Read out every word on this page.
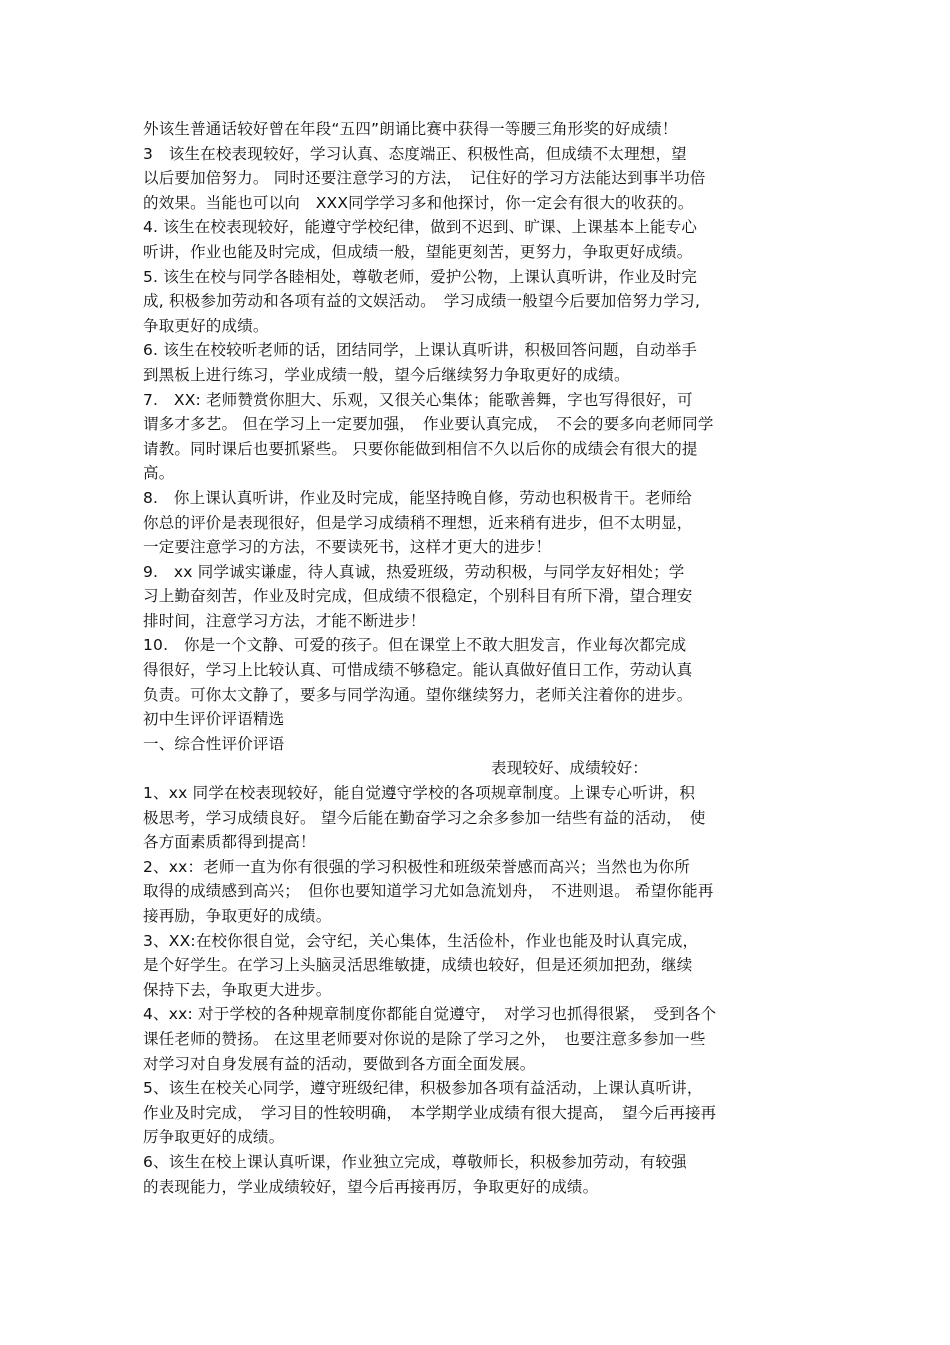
外该生普通话较好曾在年段“五四”朗诵比赛中获得一等腰三角形奖的好成绩！
3　该生在校表现较好，学习认真、态度端正、积极性高，但成绩不太理想，望
以后要加倍努力。 同时还要注意学习的方法，　记住好的学习方法能达到事半功倍
的效果。当能也可以向　XXX同学学习多和他探讨，你一定会有很大的收获的。
4. 该生在校表现较好，能遵守学校纪律，做到不迟到、旷课、上课基本上能专心
听讲，作业也能及时完成，但成绩一般，望能更刻苦，更努力，争取更好成绩。
5. 该生在校与同学各睦相处，尊敬老师，爱护公物，上课认真听讲，作业及时完
成, 积极参加劳动和各项有益的文娱活动。　学习成绩一般望今后要加倍努力学习,
争取更好的成绩。
6. 该生在校较听老师的话，团结同学，上课认真听讲，积极回答问题，自动举手
到黑板上进行练习，学业成绩一般，望今后继续努力争取更好的成绩。
7.　XX: 老师赞赏你胆大、乐观，又很关心集体；能歌善舞，字也写得很好，可
谓多才多艺。 但在学习上一定要加强，　作业要认真完成，　不会的要多向老师同学
请教。同时课后也要抓紧些。 只要你能做到相信不久以后你的成绩会有很大的提
高。
8.　你上课认真听讲，作业及时完成，能坚持晚自修，劳动也积极肯干。老师给
你总的评价是表现很好，但是学习成绩稍不理想，近来稍有进步，但不太明显，
一定要注意学习的方法，不要读死书，这样才更大的进步！
9.　xx 同学诚实谦虚，待人真诚，热爱班级，劳动积极，与同学友好相处；学
习上勤奋刻苦，作业及时完成，但成绩不很稳定，个别科目有所下滑，望合理安
排时间，注意学习方法，才能不断进步！
10.　你是一个文静、可爱的孩子。但在课堂上不敢大胆发言，作业每次都完成
得很好，学习上比较认真、可惜成绩不够稳定。能认真做好值日工作，劳动认真
负责。可你太文静了，要多与同学沟通。望你继续努力，老师关注着你的进步。
初中生评价评语精选
一、综合性评价评语
表现较好、成绩较好：
1、xx 同学在校表现较好，能自觉遵守学校的各项规章制度。上课专心听讲，积
极思考，学习成绩良好。 望今后能在勤奋学习之余多参加一结些有益的活动，　使
各方面素质都得到提高！
2、xx：老师一直为你有很强的学习积极性和班级荣誉感而高兴；当然也为你所
取得的成绩感到高兴；　但你也要知道学习尤如急流划舟，　不进则退。 希望你能再
接再励，争取更好的成绩。
3、XX:在校你很自觉，会守纪，关心集体，生活俭朴，作业也能及时认真完成，
是个好学生。在学习上头脑灵活思维敏捷，成绩也较好，但是还须加把劲，继续
保持下去，争取更大进步。
4、xx: 对于学校的各种规章制度你都能自觉遵守，　对学习也抓得很紧，　受到各个
课任老师的赞扬。 在这里老师要对你说的是除了学习之外，　也要注意多参加一些
对学习对自身发展有益的活动，要做到各方面全面发展。
5、该生在校关心同学，遵守班级纪律，积极参加各项有益活动，上课认真听讲，
作业及时完成，　学习目的性较明确，　本学期学业成绩有很大提高，　望今后再接再
厉争取更好的成绩。
6、该生在校上课认真听课，作业独立完成，尊敬师长，积极参加劳动，有较强
的表现能力，学业成绩较好，望今后再接再厉，争取更好的成绩。
